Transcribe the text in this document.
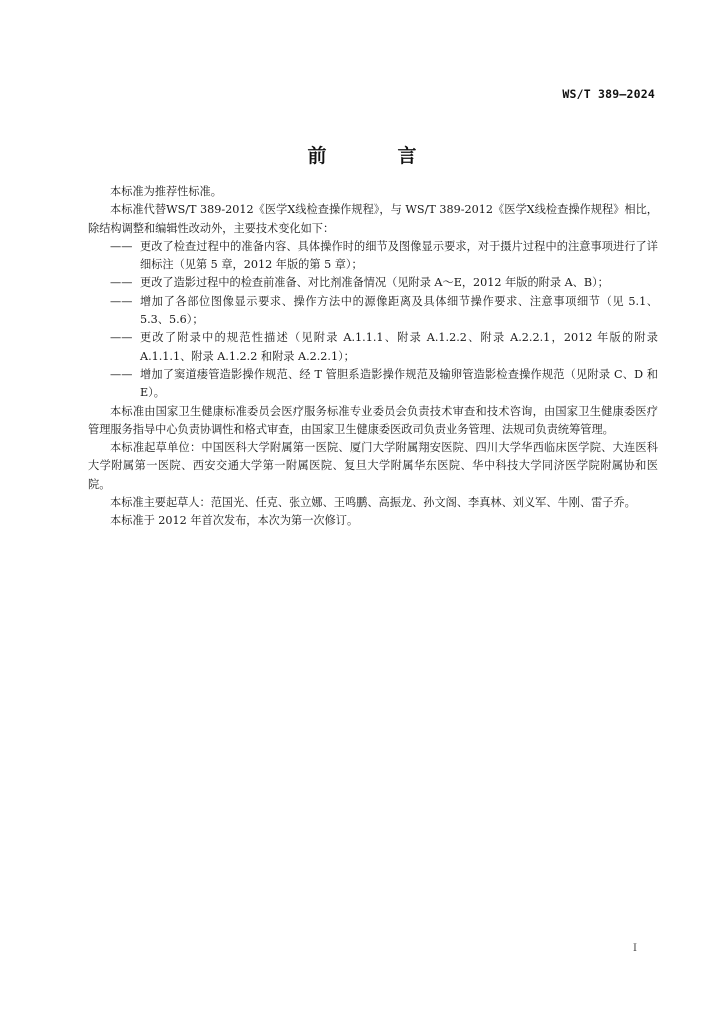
WS/T 389—2024
前　言

本标准为推荐性标准。

本标准代替WS/T 389-2012《医学X线检查操作规程》，与 WS/T 389-2012《医学X线检查操作规程》相比，除结构调整和编辑性改动外，主要技术变化如下：

—— 更改了检查过程中的准备内容、具体操作时的细节及图像显示要求，对于摄片过程中的注意事项进行了详细标注（见第 5 章，2012 年版的第 5 章）；
—— 更改了造影过程中的检查前准备、对比剂准备情况（见附录 A～E，2012 年版的附录 A、B）；
—— 增加了各部位图像显示要求、操作方法中的源像距离及具体细节操作要求、注意事项细节（见 5.1、5.3、5.6）；
—— 更改了附录中的规范性描述（见附录 A.1.1.1、附录 A.1.2.2、附录 A.2.2.1，2012 年版的附录 A.1.1.1、附录 A.1.2.2 和附录 A.2.2.1）；
—— 增加了窦道瘘管造影操作规范、经 T 管胆系造影操作规范及输卵管造影检查操作规范（见附录 C、D 和 E）。

本标准由国家卫生健康标准委员会医疗服务标准专业委员会负责技术审查和技术咨询，由国家卫生健康委医疗管理服务指导中心负责协调性和格式审查，由国家卫生健康委医政司负责业务管理、法规司负责统筹管理。

本标准起草单位：中国医科大学附属第一医院、厦门大学附属翔安医院、四川大学华西临床医学院、大连医科大学附属第一医院、西安交通大学第一附属医院、复旦大学附属华东医院、华中科技大学同济医学院附属协和医院。

本标准主要起草人：范国光、任克、张立娜、王鸣鹏、高振龙、孙文阁、李真林、刘义军、牛刚、雷子乔。

本标准于 2012 年首次发布，本次为第一次修订。

I
